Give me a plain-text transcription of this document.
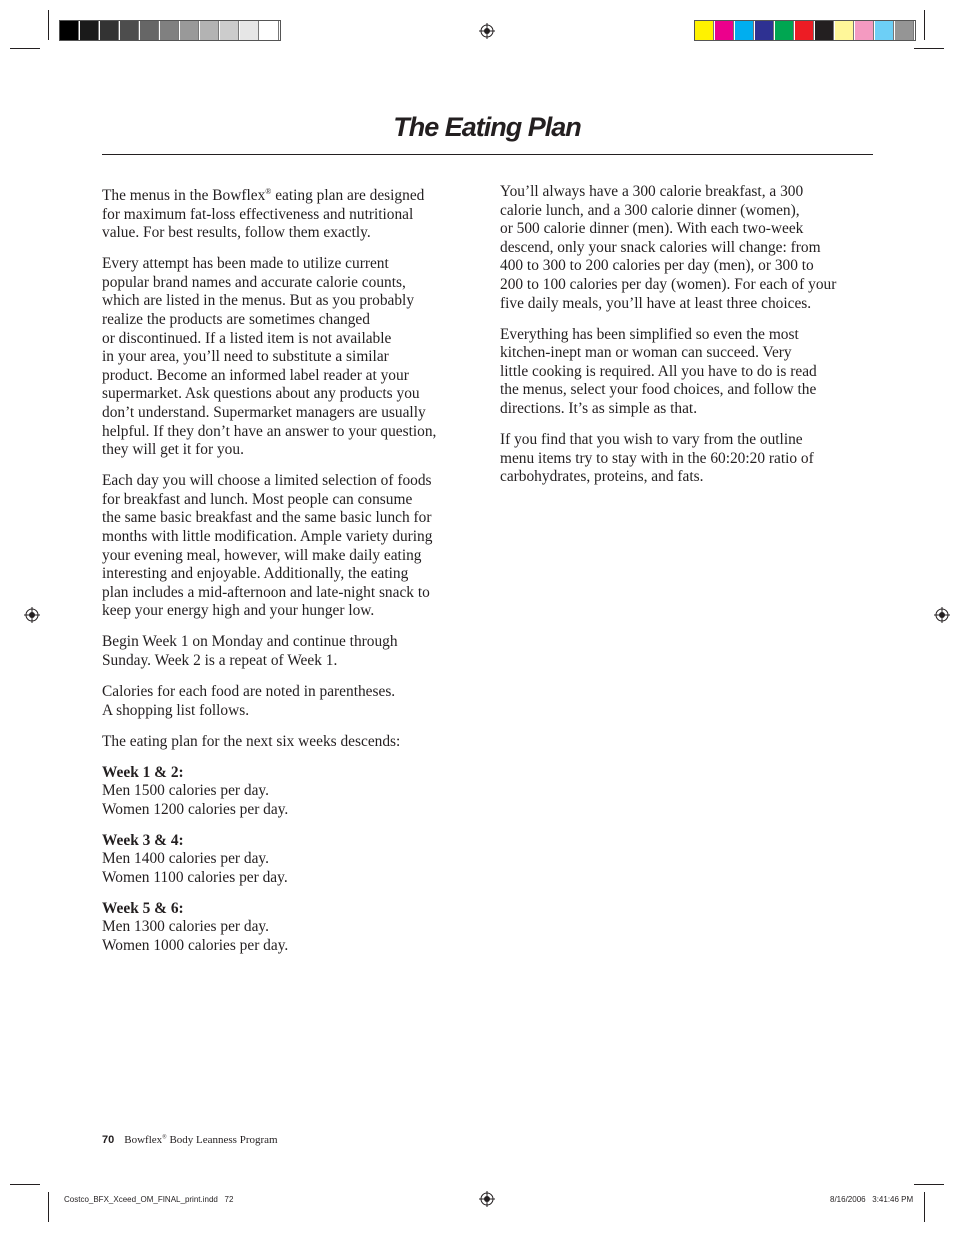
The Eating Plan

The menus in the Bowflex® eating plan are designed
for maximum fat-loss effectiveness and nutritional
value. For best results, follow them exactly.

Every attempt has been made to utilize current
popular brand names and accurate calorie counts,
which are listed in the menus. But as you probably
realize the products are sometimes changed
or discontinued. If a listed item is not available
in your area, you’ll need to substitute a similar
product. Become an informed label reader at your
supermarket. Ask questions about any products you
don’t understand. Supermarket managers are usually
helpful. If they don’t have an answer to your question,
they will get it for you.

Each day you will choose a limited selection of foods
for breakfast and lunch. Most people can consume
the same basic breakfast and the same basic lunch for
months with little modification. Ample variety during
your evening meal, however, will make daily eating
interesting and enjoyable. Additionally, the eating
plan includes a mid-afternoon and late-night snack to
keep your energy high and your hunger low.

Begin Week 1 on Monday and continue through
Sunday. Week 2 is a repeat of Week 1.

Calories for each food are noted in parentheses.
A shopping list follows.

The eating plan for the next six weeks descends:

Week 1 & 2:

Men 1500 calories per day.

Women 1200 calories per day.

Week 3 & 4:

Men 1400 calories per day.

Women 1100 calories per day.

Week 5 & 6:

Men 1300 calories per day.

Women 1000 calories per day.

You’ll always have a 300 calorie breakfast, a 300
calorie lunch, and a 300 calorie dinner (women),
or 500 calorie dinner (men). With each two-week
descend, only your snack calories will change: from
400 to 300 to 200 calories per day (men), or 300 to
200 to 100 calories per day (women). For each of your
five daily meals, you’ll have at least three choices.

Everything has been simplified so even the most
kitchen-inept man or woman can succeed. Very
little cooking is required. All you have to do is read
the menus, select your food choices, and follow the
directions. It’s as simple as that.

If you find that you wish to vary from the outline
menu items try to stay with in the 60:20:20 ratio of
carbohydrates, proteins, and fats.

70 Bowflex® Body Leanness Program
Costco_BFX_Xceed_OM_FINAL_print.indd   72	8/16/2006   3:41:46 PM
